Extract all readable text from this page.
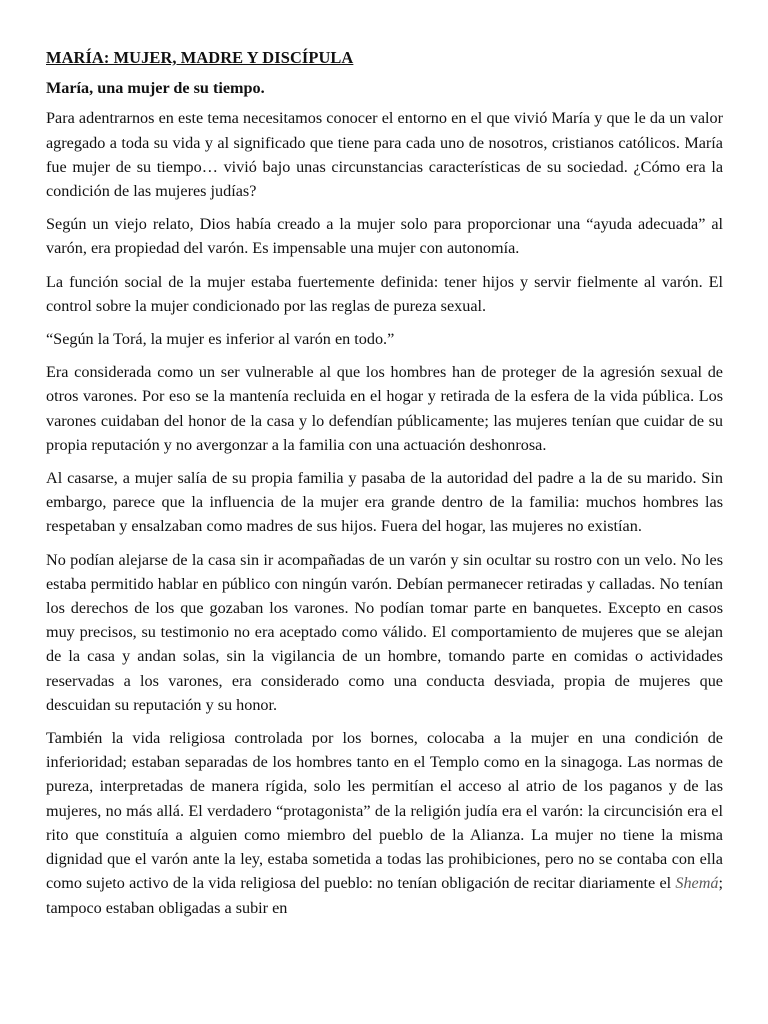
MARÍA: MUJER, MADRE Y DISCÍPULA

María, una mujer de su tiempo.

Para adentrarnos en este tema necesitamos conocer el entorno en el que vivió María y que le da un valor agregado a toda su vida y al significado que tiene para cada uno de nosotros, cristianos católicos. María fue mujer de su tiempo… vivió bajo unas circunstancias características de su sociedad. ¿Cómo era la condición de las mujeres judías?

Según un viejo relato, Dios había creado a la mujer solo para proporcionar una “ayuda adecuada” al varón, era propiedad del varón. Es impensable una mujer con autonomía.

La función social de la mujer estaba fuertemente definida: tener hijos y servir fielmente al varón. El control sobre la mujer condicionado por las reglas de pureza sexual.

“Según la Torá, la mujer es inferior al varón en todo.”

Era considerada como un ser vulnerable al que los hombres han de proteger de la agresión sexual de otros varones. Por eso se la mantenía recluida en el hogar y retirada de la esfera de la vida pública. Los varones cuidaban del honor de la casa y lo defendían públicamente; las mujeres tenían que cuidar de su propia reputación y no avergonzar a la familia con una actuación deshonrosa.

Al casarse, a mujer salía de su propia familia y pasaba de la autoridad del padre a la de su marido. Sin embargo, parece que la influencia de la mujer era grande dentro de la familia: muchos hombres las respetaban y ensalzaban como madres de sus hijos. Fuera del hogar, las mujeres no existían.

No podían alejarse de la casa sin ir acompañadas de un varón y sin ocultar su rostro con un velo. No les estaba permitido hablar en público con ningún varón. Debían permanecer retiradas y calladas. No tenían los derechos de los que gozaban los varones. No podían tomar parte en banquetes. Excepto en casos muy precisos, su testimonio no era aceptado como válido. El comportamiento de mujeres que se alejan de la casa y andan solas, sin la vigilancia de un hombre, tomando parte en comidas o actividades reservadas a los varones, era considerado como una conducta desviada, propia de mujeres que descuidan su reputación y su honor.

También la vida religiosa controlada por los bornes, colocaba a la mujer en una condición de inferioridad; estaban separadas de los hombres tanto en el Templo como en la sinagoga. Las normas de pureza, interpretadas de manera rígida, solo les permitían el acceso al atrio de los paganos y de las mujeres, no más allá. El verdadero “protagonista” de la religión judía era el varón: la circuncisión era el rito que constituía a alguien como miembro del pueblo de la Alianza. La mujer no tiene la misma dignidad que el varón ante la ley, estaba sometida a todas las prohibiciones, pero no se contaba con ella como sujeto activo de la vida religiosa del pueblo: no tenían obligación de recitar diariamente el Shemá; tampoco estaban obligadas a subir en
